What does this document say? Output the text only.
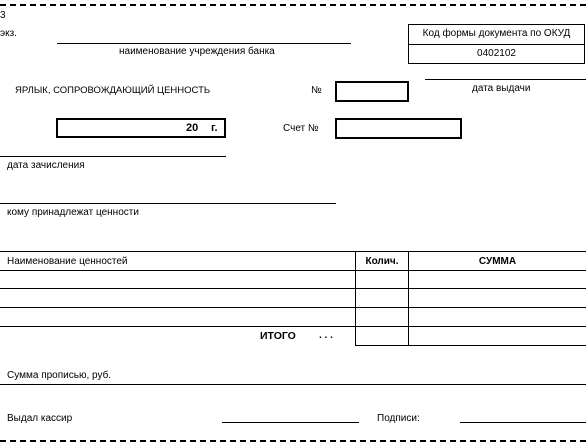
3
экз.
наименование учреждения банка
Код формы документа по ОКУД
0402102
дата выдачи
ЯРЛЫК, СОПРОВОЖДАЮЩИЙ ЦЕННОСТЬ	№
20 г.	Счет №
дата зачисления
кому принадлежат ценности
Наименование ценностей	Колич.	СУММА
ИТОГО . . .
Сумма прописью, руб.
Выдал кассир	Подписи:
